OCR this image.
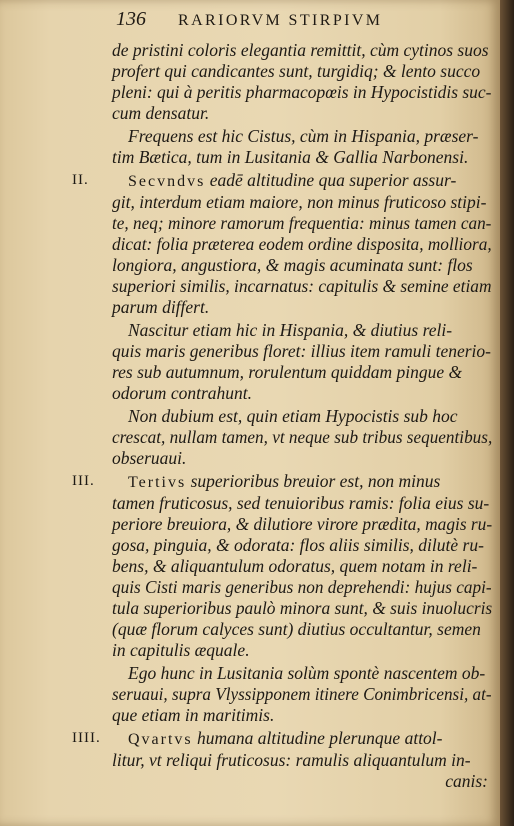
136 RARIORVM STIRPIVM
de pristini coloris elegantia remittit, cùm cytinos suos
profert qui candicantes sunt, turgidiq; & lento succo
pleni: qui à peritis pharmacopœis in Hypocistidis suc-
cum densatur.
Frequens est hic Cistus, cùm in Hispania, præser-
tim Bætica, tum in Lusitania & Gallia Narbonensi.
II.	Secvndvs eadē altitudine qua superior assur-
git, interdum etiam maiore, non minus fruticoso stipi-
te, neq; minore ramorum frequentia: minus tamen can-
dicat: folia præterea eodem ordine disposita, molliora,
longiora, angustiora, & magis acuminata sunt: flos
superiori similis, incarnatus: capitulis & semine etiam
parum differt.
Nascitur etiam hic in Hispania, & diutius reli-
quis maris generibus floret: illius item ramuli tenerio-
res sub autumnum, rorulentum quiddam pingue &
odorum contrahunt.
Non dubium est, quin etiam Hypocistis sub hoc
crescat, nullam tamen, vt neque sub tribus sequentibus,
obseruaui.
III.	Tertivs superioribus breuior est, non minus
tamen fruticosus, sed tenuioribus ramis: folia eius su-
periore breuiora, & dilutiore virore prædita, magis ru-
gosa, pinguia, & odorata: flos aliis similis, dilutè ru-
bens, & aliquantulum odoratus, quem notam in reli-
quis Cisti maris generibus non deprehendi: hujus capi-
tula superioribus paulò minora sunt, & suis inuolucris
(quæ florum calyces sunt) diutius occultantur, semen
in capitulis æquale.
Ego hunc in Lusitania solùm spontè nascentem ob-
seruaui, supra Vlyssipponem itinere Conimbricensi, at-
que etiam in maritimis.
IIII.	Qvartvs humana altitudine plerunque attol-
litur, vt reliqui fruticosus: ramulis aliquantulum in-
canis:
